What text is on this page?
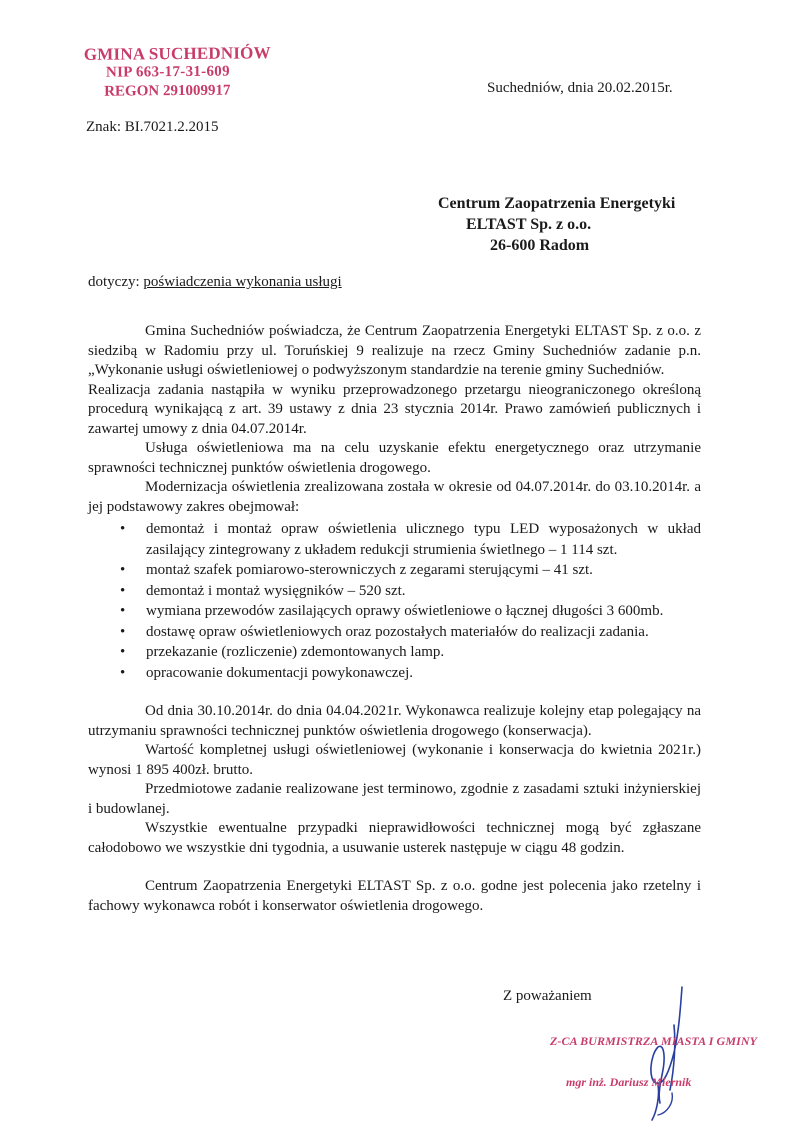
GMINA SUCHEDNIÓW
NIP 663-17-31-609
REGON 291009917	Suchedniów, dnia 20.02.2015r.
Znak: BI.7021.2.2015
Centrum Zaopatrzenia Energetyki
ELTAST Sp. z o.o.
26-600 Radom
dotyczy: poświadczenia wykonania usługi

Gmina Suchedniów poświadcza, że Centrum Zaopatrzenia Energetyki ELTAST Sp. z o.o. z siedzibą w Radomiu przy ul. Toruńskiej 9 realizuje na rzecz Gminy Suchedniów zadanie p.n. „Wykonanie usługi oświetleniowej o podwyższonym standardzie na terenie gminy Suchedniów.

Realizacja zadania nastąpiła w wyniku przeprowadzonego przetargu nieograniczonego określoną procedurą wynikającą z art. 39 ustawy z dnia 23 stycznia 2014r. Prawo zamówień publicznych i zawartej umowy z dnia 04.07.2014r.

Usługa oświetleniowa ma na celu uzyskanie efektu energetycznego oraz utrzymanie sprawności technicznej punktów oświetlenia drogowego.

Modernizacja oświetlenia zrealizowana została w okresie od 04.07.2014r. do 03.10.2014r. a jej podstawowy zakres obejmował:

• demontaż i montaż opraw oświetlenia ulicznego typu LED wyposażonych w układ zasilający zintegrowany z układem redukcji strumienia świetlnego – 1 114 szt.
• montaż szafek pomiarowo-sterowniczych z zegarami sterującymi – 41 szt.
• demontaż i montaż wysięgników – 520 szt.
• wymiana przewodów zasilających oprawy oświetleniowe o łącznej długości 3 600mb.
• dostawę opraw oświetleniowych oraz pozostałych materiałów do realizacji zadania.
• przekazanie (rozliczenie) zdemontowanych lamp.
• opracowanie dokumentacji powykonawczej.

Od dnia 30.10.2014r. do dnia 04.04.2021r. Wykonawca realizuje kolejny etap polegający na utrzymaniu sprawności technicznej punktów oświetlenia drogowego (konserwacja).

Wartość kompletnej usługi oświetleniowej (wykonanie i konserwacja do kwietnia 2021r.) wynosi 1 895 400zł. brutto.

Przedmiotowe zadanie realizowane jest terminowo, zgodnie z zasadami sztuki inżynierskiej i budowlanej.

Wszystkie ewentualne przypadki nieprawidłowości technicznej mogą być zgłaszane całodobowo we wszystkie dni tygodnia, a usuwanie usterek następuje w ciągu 48 godzin.

Centrum Zaopatrzenia Energetyki ELTAST Sp. z o.o. godne jest polecenia jako rzetelny i fachowy wykonawca robót i konserwator oświetlenia drogowego.

Z poważaniem
Z-CA BURMISTRZA MIASTA I GMINY
mgr inż. Dariusz Miernik
